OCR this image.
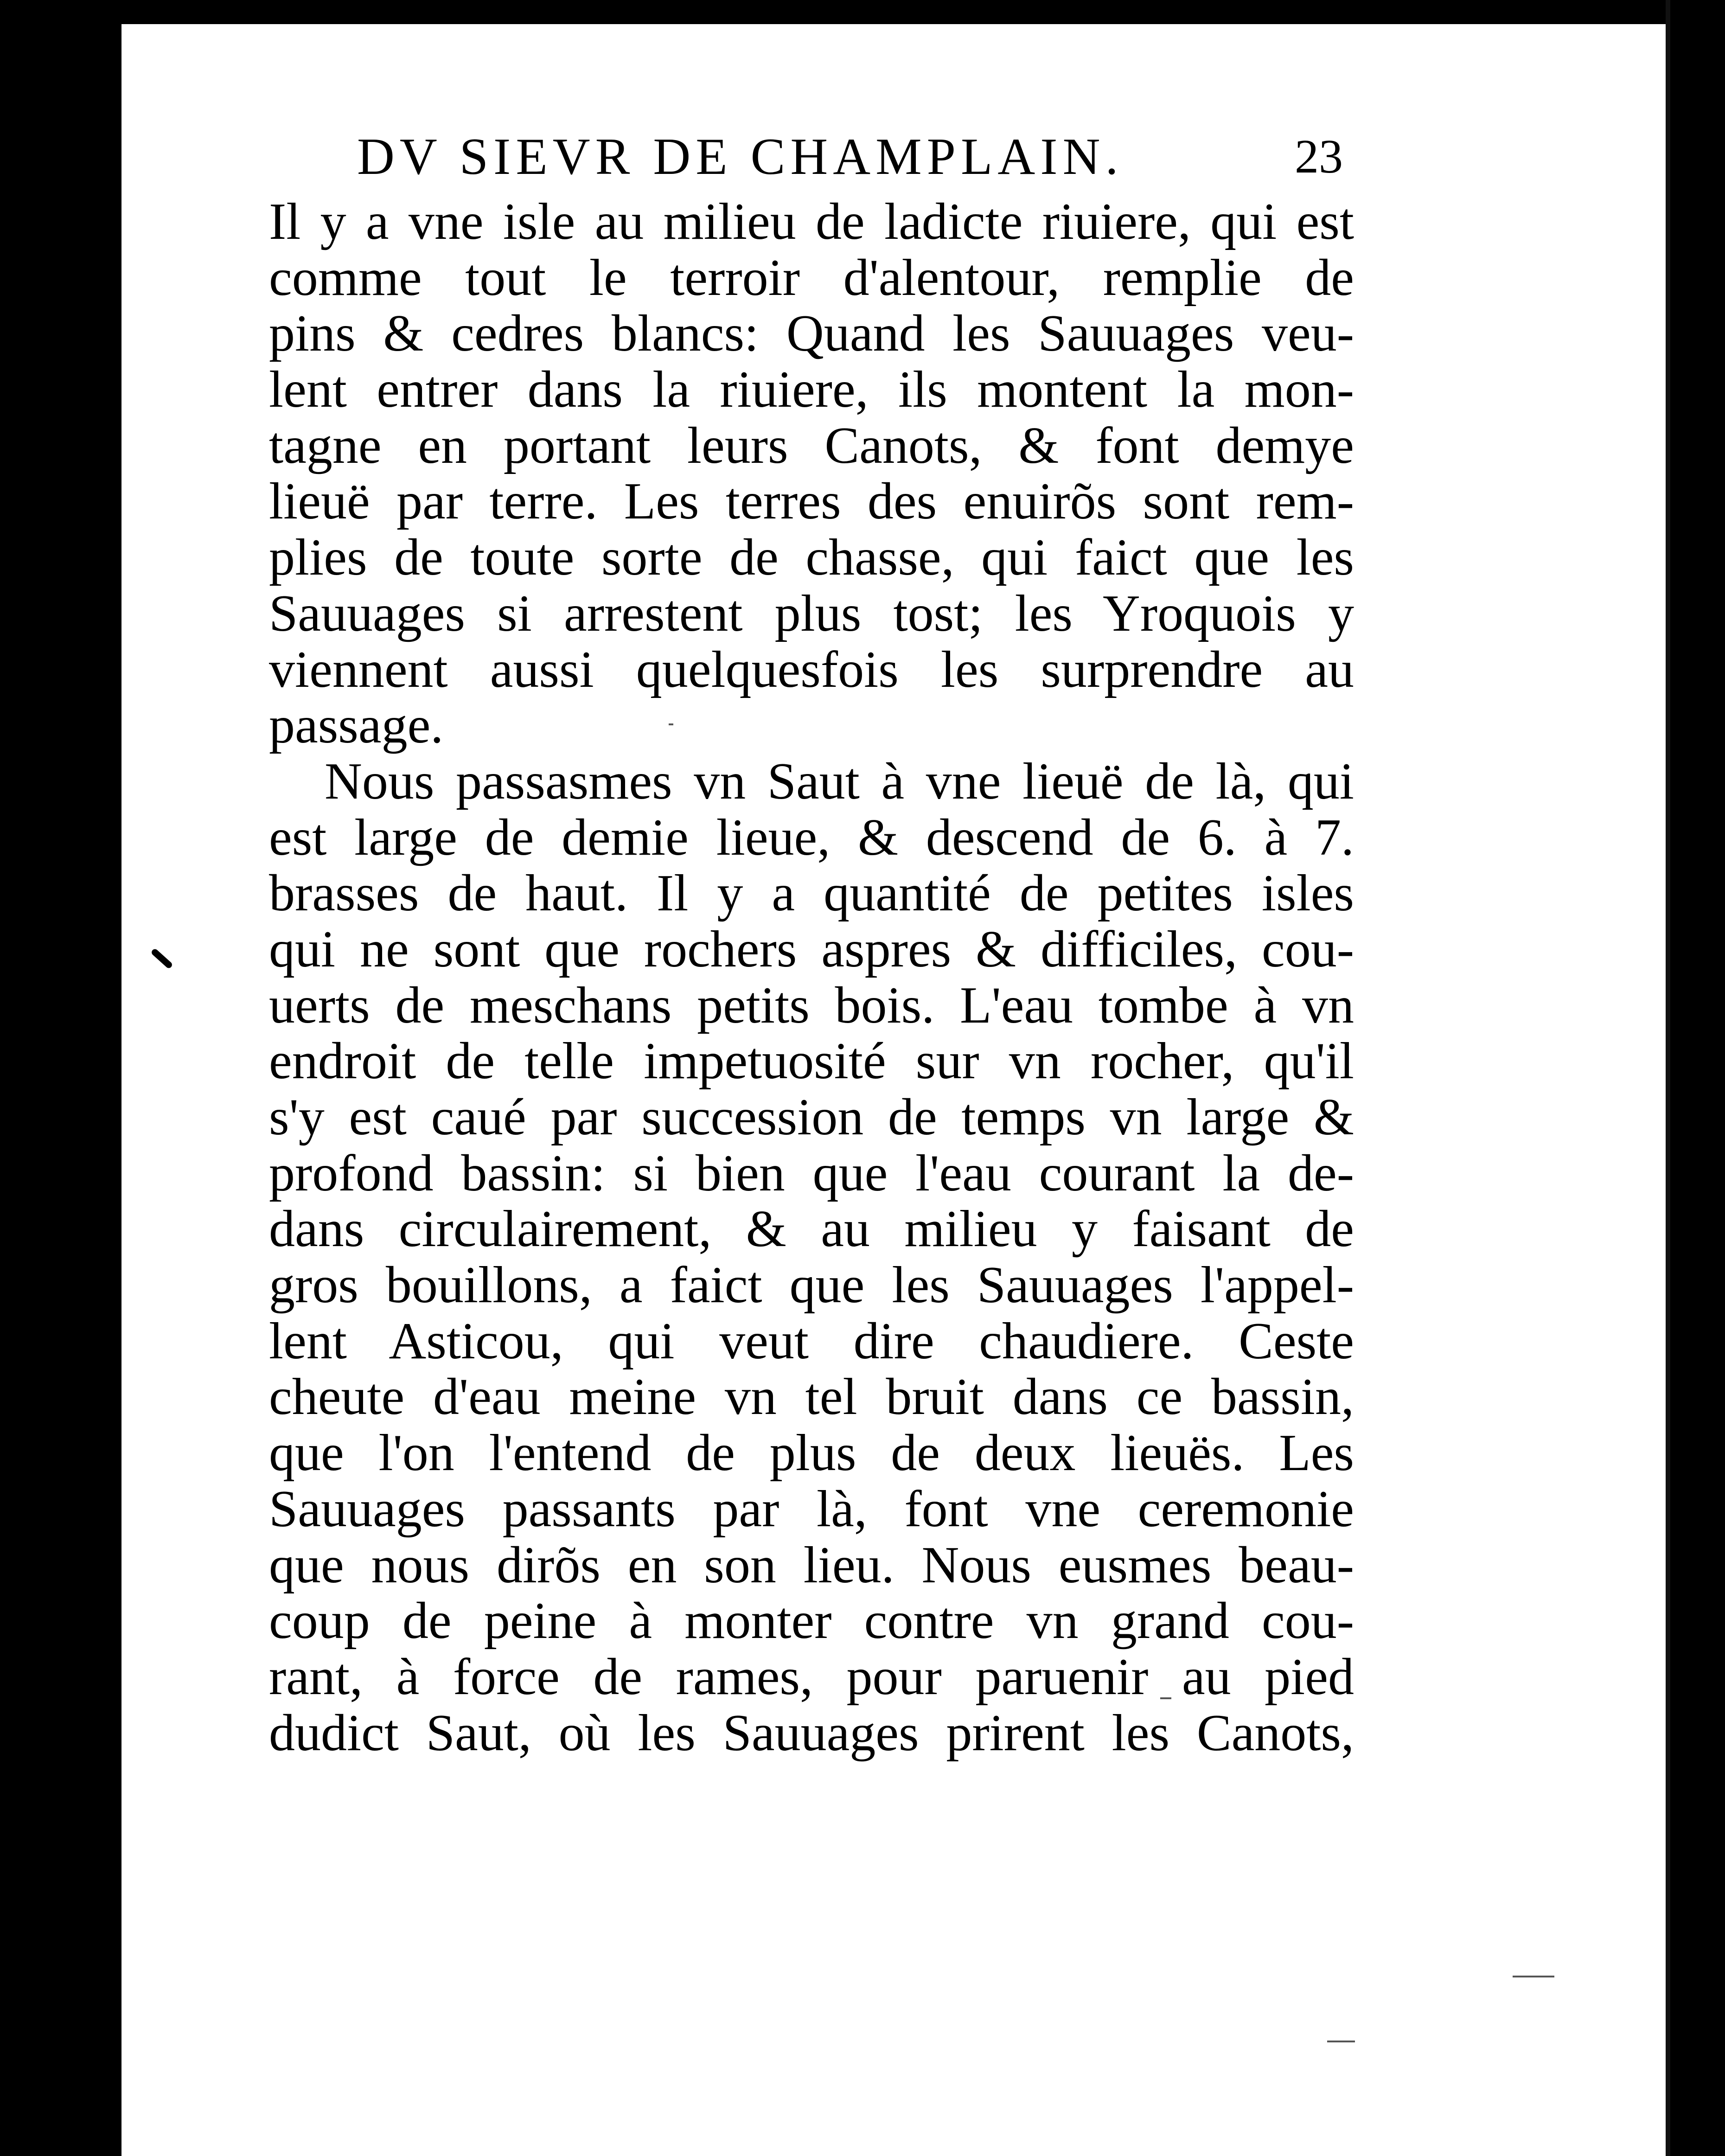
DV SIEVR DE CHAMPLAIN.	23
Il y a vne isle au milieu de ladicte riuiere, qui est
comme tout le terroir d'alentour, remplie de
pins & cedres blancs: Quand les Sauuages veu-
lent entrer dans la riuiere, ils montent la mon-
tagne en portant leurs Canots, & font demye
lieuë par terre. Les terres des enuirõs sont rem-
plies de toute sorte de chasse, qui faict que les
Sauuages si arrestent plus tost; les Yroquois y
viennent aussi quelquesfois les surprendre au
passage.
Nous passasmes vn Saut à vne lieuë de là, qui
est large de demie lieue, & descend de 6. à 7.
brasses de haut. Il y a quantité de petites isles
qui ne sont que rochers aspres & difficiles, cou-
uerts de meschans petits bois. L'eau tombe à vn
endroit de telle impetuosité sur vn rocher, qu'il
s'y est caué par succession de temps vn large &
profond bassin: si bien que l'eau courant la de-
dans circulairement, & au milieu y faisant de
gros bouillons, a faict que les Sauuages l'appel-
lent Asticou, qui veut dire chaudiere. Ceste
cheute d'eau meine vn tel bruit dans ce bassin,
que l'on l'entend de plus de deux lieuës. Les
Sauuages passants par là, font vne ceremonie
que nous dirõs en son lieu. Nous eusmes beau-
coup de peine à monter contre vn grand cou-
rant, à force de rames, pour paruenir au pied
dudict Saut, où les Sauuages prirent les Canots,
